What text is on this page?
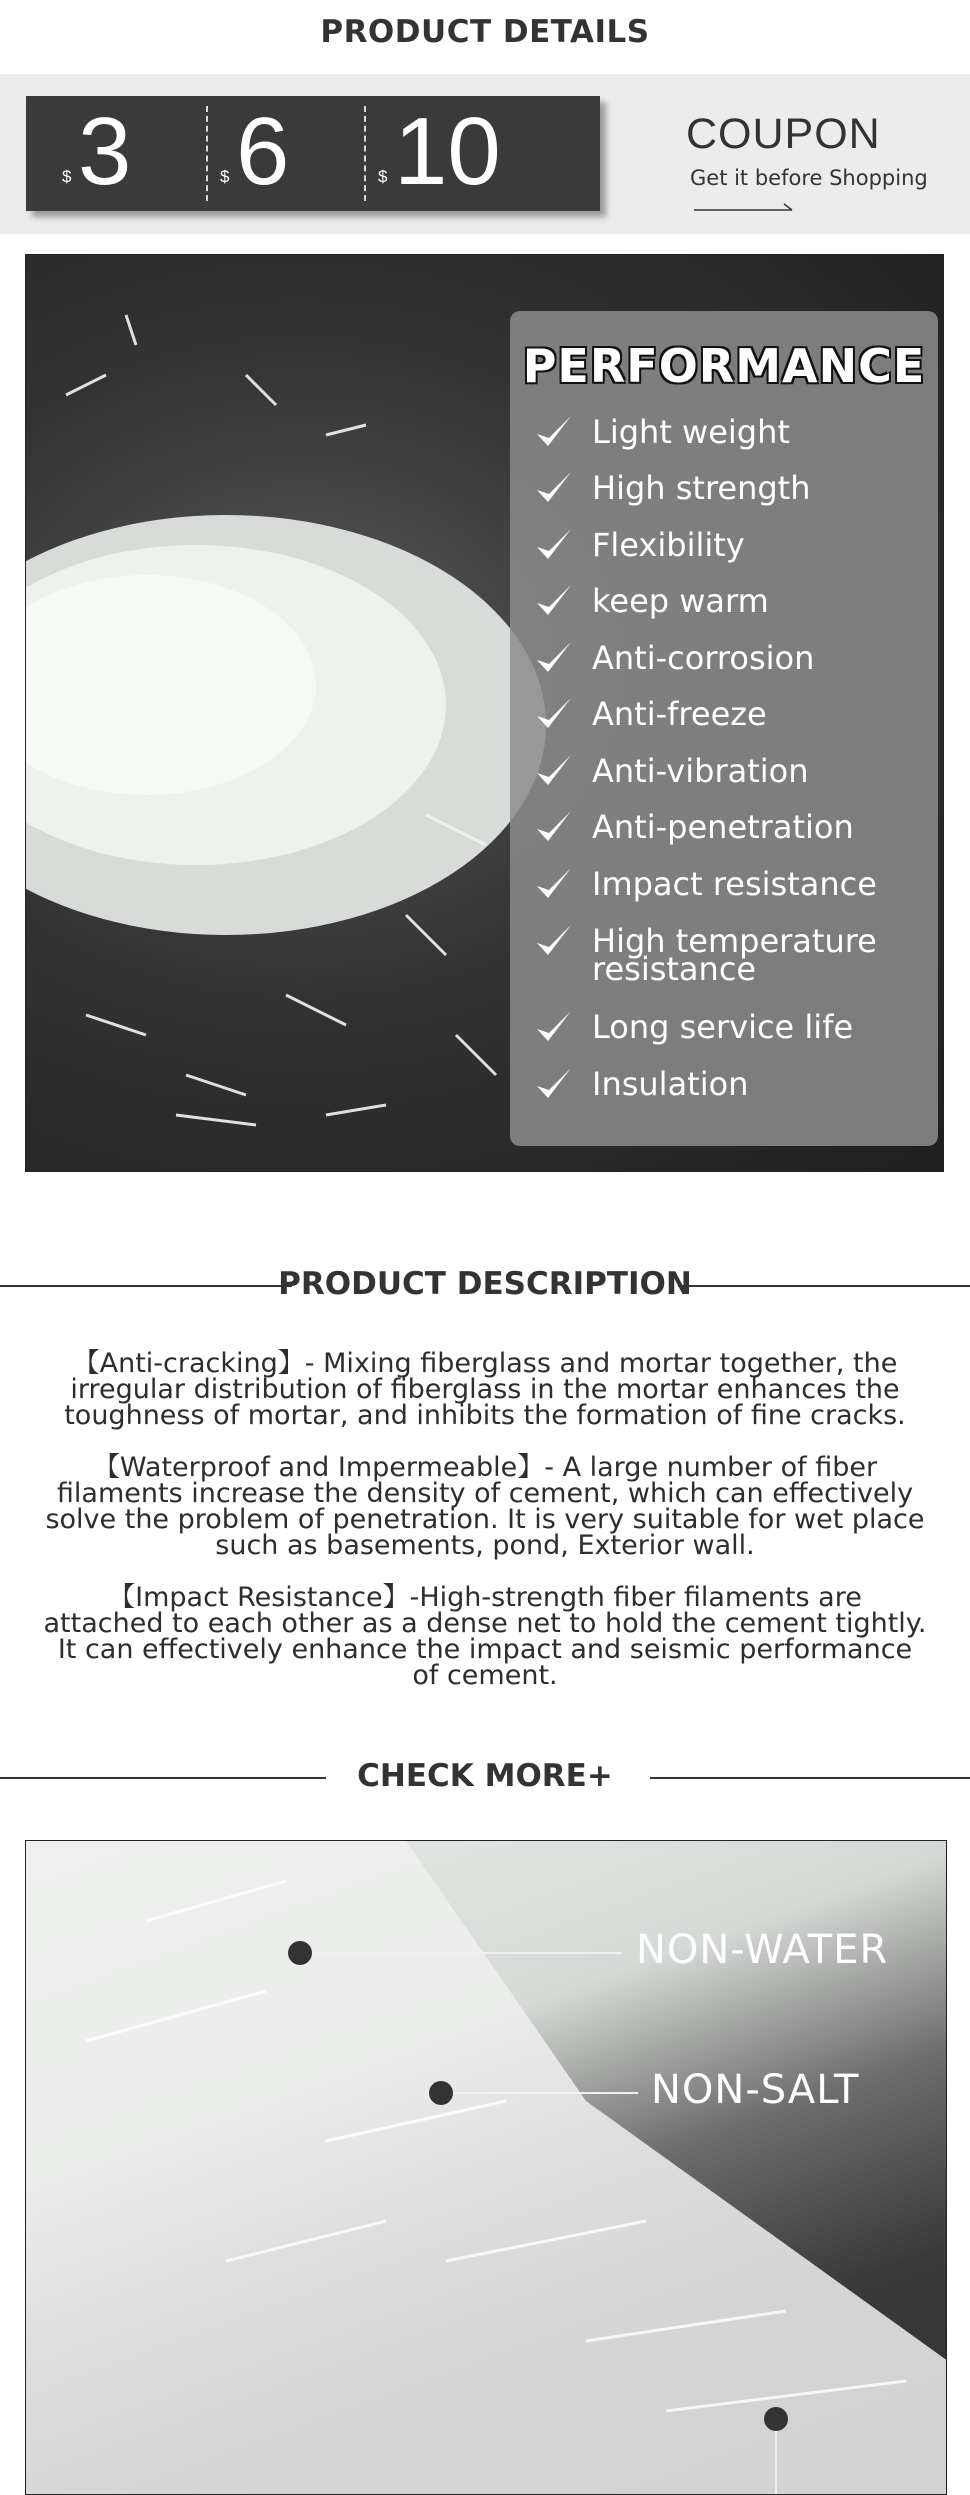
PRODUCT DETAILS
$ 3	$ 6	$ 10	COUPON
Get it before Shopping
PERFORMANCE
Light weight
High strength
Flexibility
keep warm
Anti-corrosion
Anti-freeze
Anti-vibration
Anti-penetration
Impact resistance
High temperature
resistance
Long service life
Insulation
PRODUCT DESCRIPTION
【Anti-cracking】- Mixing fiberglass and mortar together, the
irregular distribution of fiberglass in the mortar enhances the
toughness of mortar, and inhibits the formation of fine cracks.
【Waterproof and Impermeable】- A large number of fiber
filaments increase the density of cement, which can effectively
solve the problem of penetration. It is very suitable for wet place
such as basements, pond, Exterior wall.
【Impact Resistance】-High-strength fiber filaments are
attached to each other as a dense net to hold the cement tightly.
It can effectively enhance the impact and seismic performance
of cement.
CHECK MORE+
NON-WATER
NON-SALT
